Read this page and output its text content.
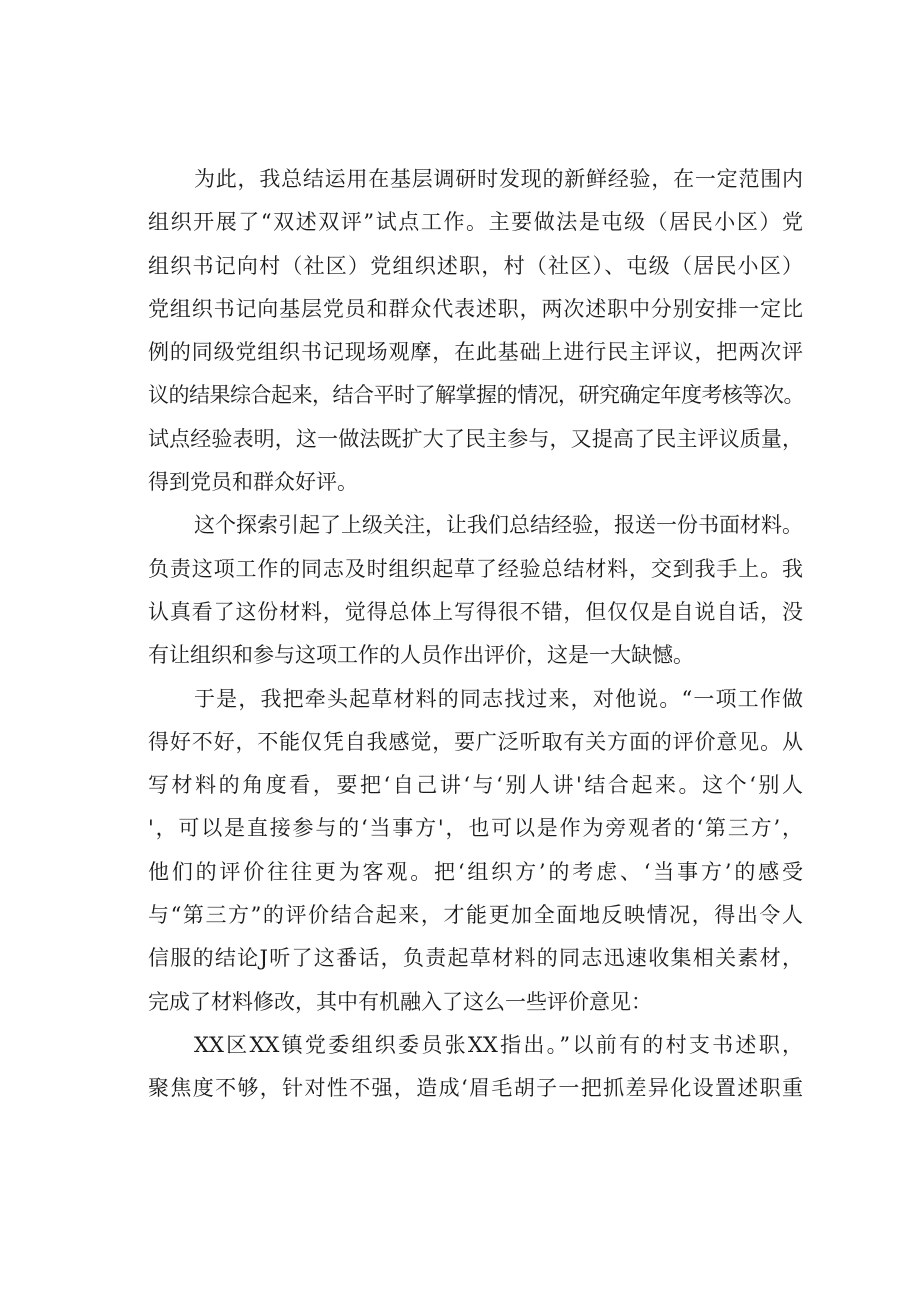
为此，我总结运用在基层调研时发现的新鲜经验，在一定范围内
组织开展了“双述双评”试点工作。主要做法是屯级（居民小区）党
组织书记向村（社区）党组织述职，村（社区）、屯级（居民小区）
党组织书记向基层党员和群众代表述职，两次述职中分别安排一定比
例的同级党组织书记现场观摩，在此基础上进行民主评议，把两次评
议的结果综合起来，结合平时了解掌握的情况，研究确定年度考核等次。
试点经验表明，这一做法既扩大了民主参与，又提高了民主评议质量，
得到党员和群众好评。
这个探索引起了上级关注，让我们总结经验，报送一份书面材料。
负责这项工作的同志及时组织起草了经验总结材料，交到我手上。我
认真看了这份材料，觉得总体上写得很不错，但仅仅是自说自话，没
有让组织和参与这项工作的人员作出评价，这是一大缺憾。
于是，我把牵头起草材料的同志找过来，对他说。“一项工作做
得好不好，不能仅凭自我感觉，要广泛听取有关方面的评价意见。从
写材料的角度看，要把‘自己讲‘与‘别人讲'结合起来。这个‘别人
'，可以是直接参与的‘当事方'，也可以是作为旁观者的‘第三方’，
他们的评价往往更为客观。把‘组织方’的考虑、‘当事方’的感受
与“第三方”的评价结合起来，才能更加全面地反映情况，得出令人
信服的结论J听了这番话，负责起草材料的同志迅速收集相关素材，
完成了材料修改，其中有机融入了这么一些评价意见：
XX区XX镇党委组织委员张XX指出。”以前有的村支书述职，
聚焦度不够，针对性不强，造成‘眉毛胡子一把抓差异化设置述职重
